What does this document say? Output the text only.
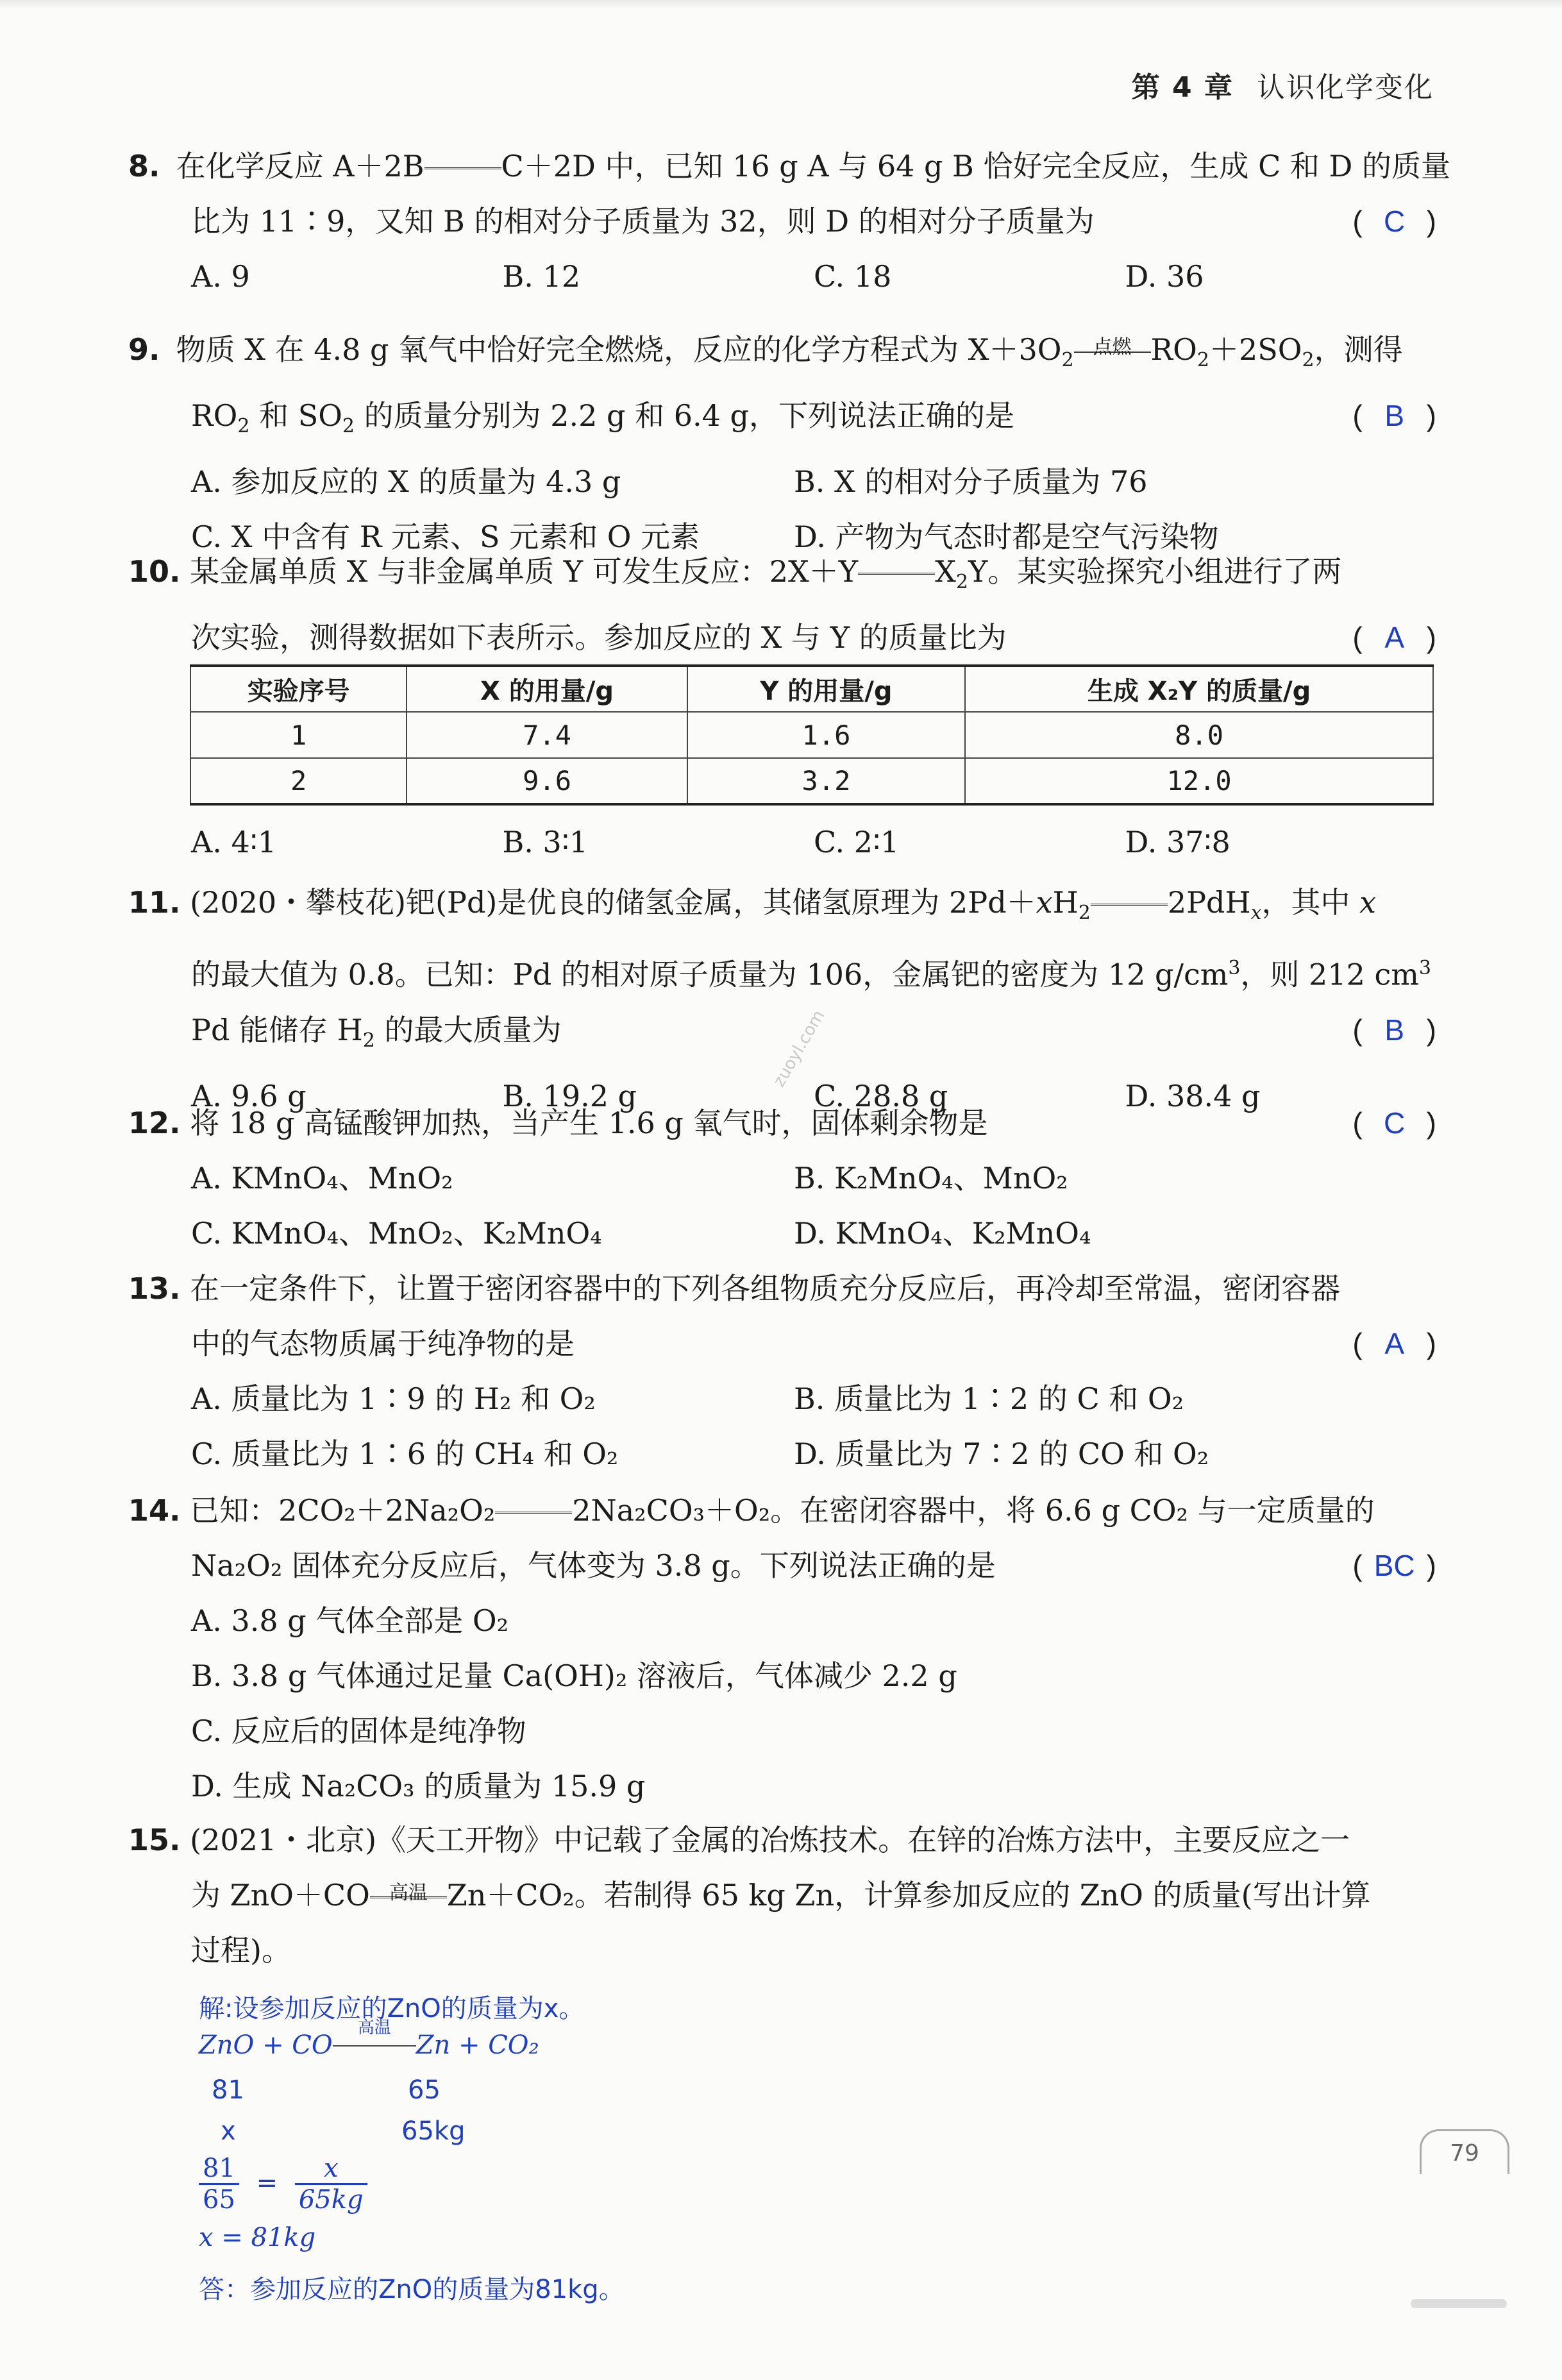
第 4 章 认识化学变化
8. 在化学反应 A＋2B	C＋2D 中，已知 16 g A 与 64 g B 恰好完全反应，生成 C 和 D 的质量
比为 11∶9，又知 B 的相对分子质量为 32，则 D 的相对分子质量为	( C )
A. 9	B. 12	C. 18	D. 36
9. 物质 X 在 4.8 g 氧气中恰好完全燃烧，反应的化学方程式为 $X+3O_2$
点燃 $RO_2+2SO_2$，测得
$RO_2$ 和 $SO_2$ 的质量分别为 2.2 g 和 6.4 g，下列说法正确的是	( B )
A. 参加反应的 X 的质量为 4.3 g	B. X 的相对分子质量为 76
C. X 中含有 R 元素、S 元素和 O 元素	D. 产物为气态时都是空气污染物
10. 某金属单质 X 与非金属单质 Y 可发生反应：2X＋Y	$X_2Y$。某实验探究小组进行了两
次实验，测得数据如下表所示。参加反应的 X 与 Y 的质量比为	( A )
实验序号	X 的用量/g	Y 的用量/g	生成 X₂Y 的质量/g
1	7.4	1.6	8.0
2	9.6	3.2	12.0
A. 4∶1	B. 3∶1	C. 2∶1	D. 37∶8
11. (2020・攀枝花)钯(Pd)是优良的储氢金属，其储氢原理为 $2Pd+xH_2$	2PdH$_x$，其中 x
的最大值为 0.8。已知：Pd 的相对原子质量为 106，金属钯的密度为 12 $g/cm^3$，则 212 $cm^3$
Pd 能储存 $H_2$ 的最大质量为	( B )
A. 9.6 g	B. 19.2 g	C. 28.8 g	D. 38.4 g
zuoyl.com
12. 将 18 g 高锰酸钾加热，当产生 1.6 g 氧气时，固体剩余物是	( C )
A. KMnO₄、MnO₂	B. K₂MnO₄、MnO₂
C. KMnO₄、MnO₂、K₂MnO₄	D. KMnO₄、K₂MnO₄
13. 在一定条件下，让置于密闭容器中的下列各组物质充分反应后，再冷却至常温，密闭容器
中的气态物质属于纯净物的是	( A )
A. 质量比为 1∶9 的 H₂ 和 O₂	B. 质量比为 1∶2 的 C 和 O₂
C. 质量比为 1∶6 的 CH₄ 和 O₂	D. 质量比为 7∶2 的 CO 和 O₂
14. 已知：2CO₂＋2Na₂O₂	2Na₂CO₃＋O₂。在密闭容器中，将 6.6 g CO₂ 与一定质量的
Na₂O₂ 固体充分反应后，气体变为 3.8 g。下列说法正确的是	( BC )
A. 3.8 g 气体全部是 O₂
B. 3.8 g 气体通过足量 Ca(OH)₂ 溶液后，气体减少 2.2 g
C. 反应后的固体是纯净物
D. 生成 Na₂CO₃ 的质量为 15.9 g
15. (2021・北京)《天工开物》中记载了金属的冶炼技术。在锌的冶炼方法中，主要反应之一
为 ZnO＋CO	高温 Zn＋CO₂。若制得 65 kg Zn，计算参加反应的 ZnO 的质量(写出计算
过程)。
解:设参加反应的ZnO的质量为x。
ZnO + CO
高温
Zn + CO₂
81	65
x	65kg
$\frac{81}{65} = \frac{x}{65kg}$
x = 81kg
答：参加反应的ZnO的质量为81kg。
79
